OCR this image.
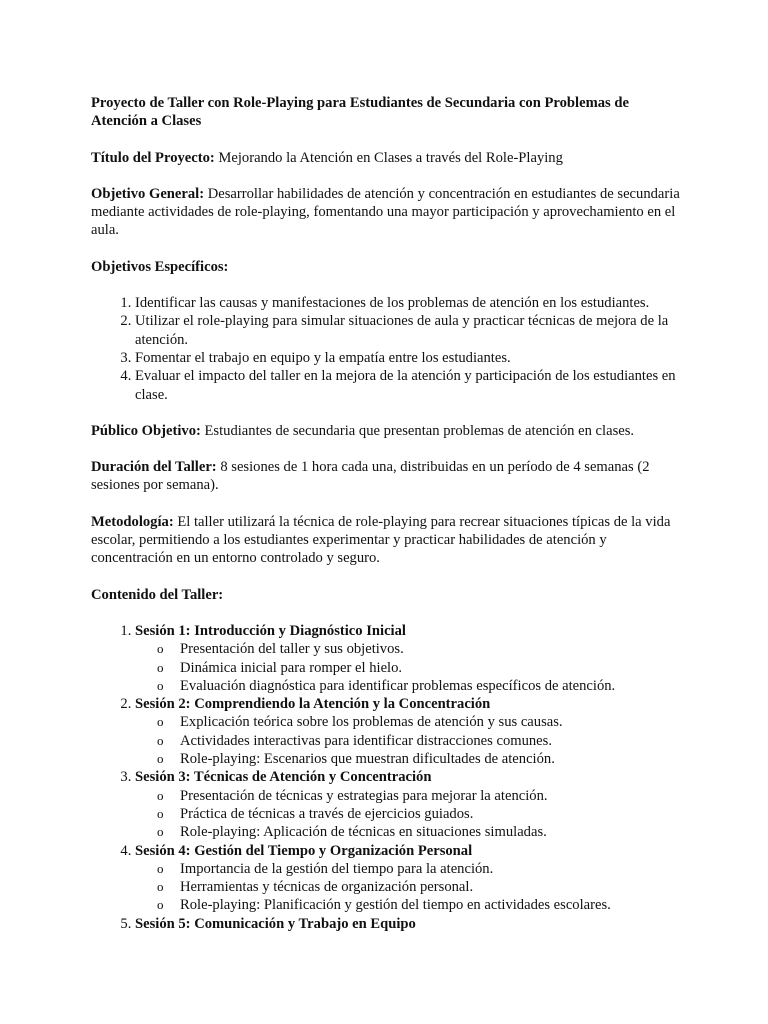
Proyecto de Taller con Role-Playing para Estudiantes de Secundaria con Problemas de Atención a Clases

Título del Proyecto: Mejorando la Atención en Clases a través del Role-Playing

Objetivo General: Desarrollar habilidades de atención y concentración en estudiantes de secundaria mediante actividades de role-playing, fomentando una mayor participación y aprovechamiento en el aula.

Objetivos Específicos:

1. Identificar las causas y manifestaciones de los problemas de atención en los estudiantes.
2. Utilizar el role-playing para simular situaciones de aula y practicar técnicas de mejora de la atención.
3. Fomentar el trabajo en equipo y la empatía entre los estudiantes.
4. Evaluar el impacto del taller en la mejora de la atención y participación de los estudiantes en clase.

Público Objetivo: Estudiantes de secundaria que presentan problemas de atención en clases.

Duración del Taller: 8 sesiones de 1 hora cada una, distribuidas en un período de 4 semanas (2 sesiones por semana).

Metodología: El taller utilizará la técnica de role-playing para recrear situaciones típicas de la vida escolar, permitiendo a los estudiantes experimentar y practicar habilidades de atención y concentración en un entorno controlado y seguro.

Contenido del Taller:

1. Sesión 1: Introducción y Diagnóstico Inicial
o Presentación del taller y sus objetivos.
o Dinámica inicial para romper el hielo.
o Evaluación diagnóstica para identificar problemas específicos de atención.
2. Sesión 2: Comprendiendo la Atención y la Concentración
o Explicación teórica sobre los problemas de atención y sus causas.
o Actividades interactivas para identificar distracciones comunes.
o Role-playing: Escenarios que muestran dificultades de atención.
3. Sesión 3: Técnicas de Atención y Concentración
o Presentación de técnicas y estrategias para mejorar la atención.
o Práctica de técnicas a través de ejercicios guiados.
o Role-playing: Aplicación de técnicas en situaciones simuladas.
4. Sesión 4: Gestión del Tiempo y Organización Personal
o Importancia de la gestión del tiempo para la atención.
o Herramientas y técnicas de organización personal.
o Role-playing: Planificación y gestión del tiempo en actividades escolares.
5. Sesión 5: Comunicación y Trabajo en Equipo
